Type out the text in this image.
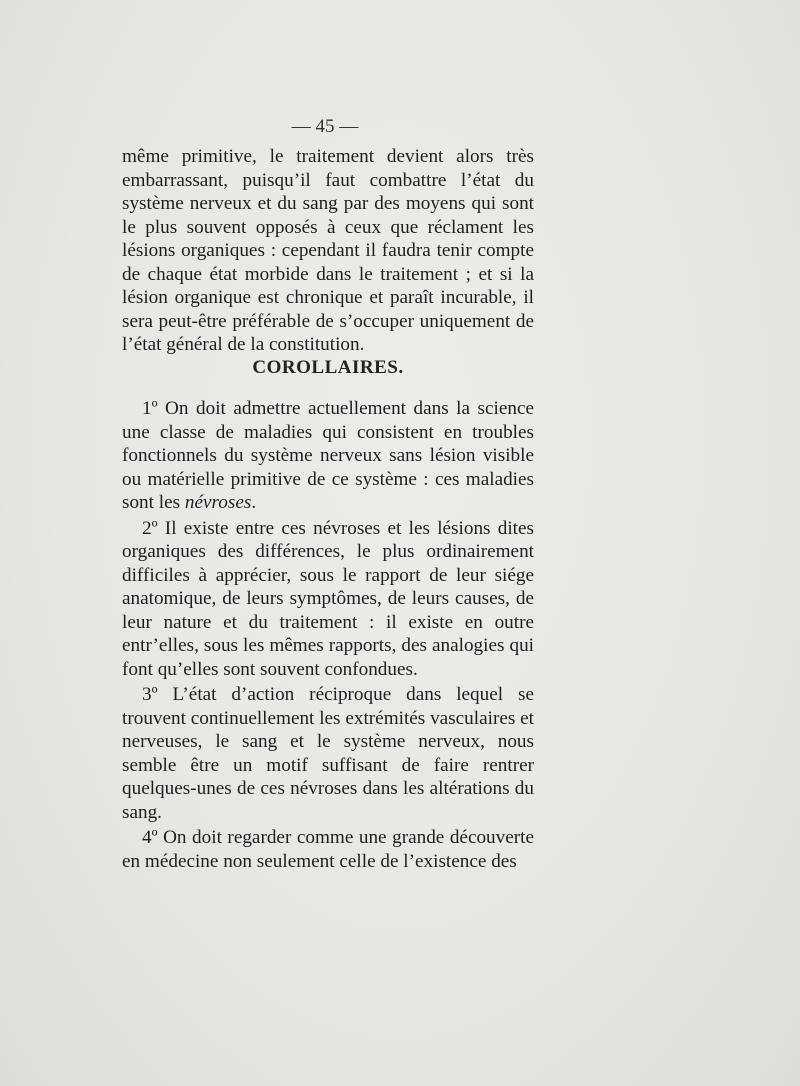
— 45 —

même primitive, le traitement devient alors très embarrassant, puisqu’il faut combattre l’état du système nerveux et du sang par des moyens qui sont le plus souvent opposés à ceux que réclament les lésions organiques : cependant il faudra tenir compte de chaque état morbide dans le traitement ; et si la lésion organique est chronique et paraît incurable, il sera peut-être préférable de s’occuper uniquement de l’état général de la constitution.

COROLLAIRES.

1º On doit admettre actuellement dans la science une classe de maladies qui consistent en troubles fonctionnels du système nerveux sans lésion visible ou matérielle primitive de ce système : ces maladies sont les névroses.

2º Il existe entre ces névroses et les lésions dites organiques des différences, le plus ordinairement difficiles à apprécier, sous le rapport de leur siége anatomique, de leurs symptômes, de leurs causes, de leur nature et du traitement : il existe en outre entr’elles, sous les mêmes rapports, des analogies qui font qu’elles sont souvent confondues.

3º L’état d’action réciproque dans lequel se trouvent continuellement les extrémités vasculaires et nerveuses, le sang et le système nerveux, nous semble être un motif suffisant de faire rentrer quelques-unes de ces névroses dans les altérations du sang.

4º On doit regarder comme une grande découverte en médecine non seulement celle de l’existence des
